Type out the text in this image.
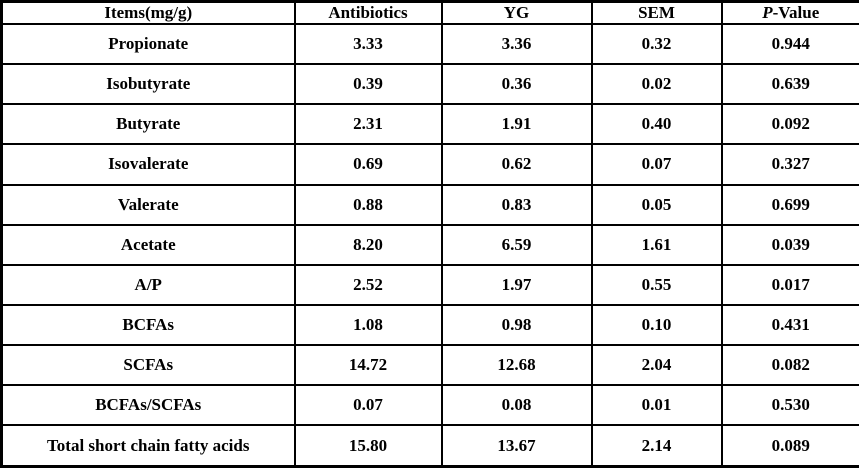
Items(mg/g)	Antibiotics	YG	SEM	P-Value
Propionate	3.33	3.36	0.32	0.944
Isobutyrate	0.39	0.36	0.02	0.639
Butyrate	2.31	1.91	0.40	0.092
Isovalerate	0.69	0.62	0.07	0.327
Valerate	0.88	0.83	0.05	0.699
Acetate	8.20	6.59	1.61	0.039
A/P	2.52	1.97	0.55	0.017
BCFAs	1.08	0.98	0.10	0.431
SCFAs	14.72	12.68	2.04	0.082
BCFAs/SCFAs	0.07	0.08	0.01	0.530
Total short chain fatty acids	15.80	13.67	2.14	0.089
